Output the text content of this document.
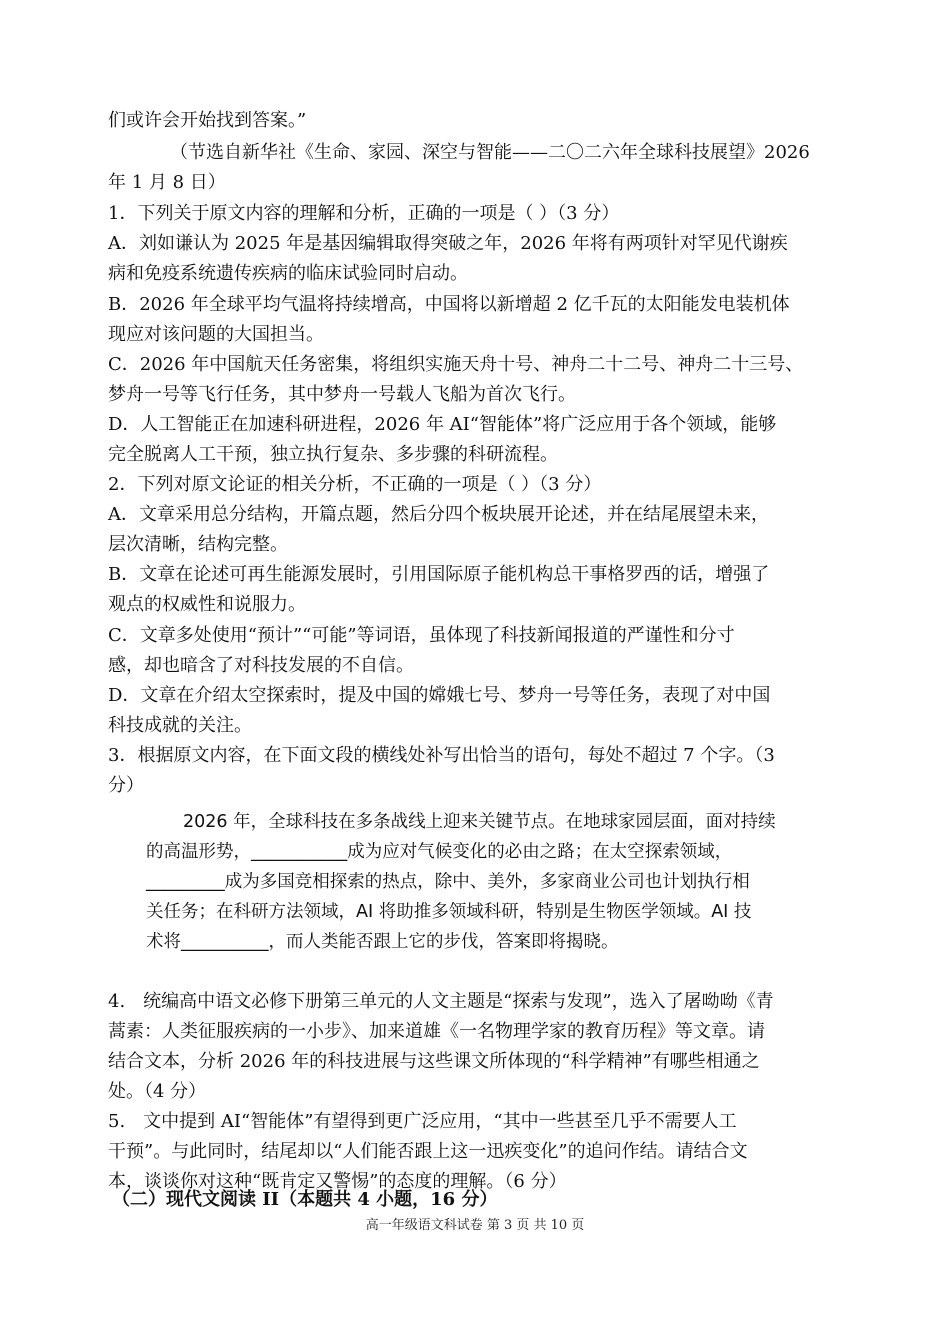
们或许会开始找到答案。”
（节选自新华社《生命、家园、深空与智能——二〇二六年全球科技展望》2026
年 1 月 8 日）
1．下列关于原文内容的理解和分析，正确的一项是（ ）（3 分）
A．刘如谦认为 2025 年是基因编辑取得突破之年，2026 年将有两项针对罕见代谢疾
病和免疫系统遗传疾病的临床试验同时启动。
B．2026 年全球平均气温将持续增高，中国将以新增超 2 亿千瓦的太阳能发电装机体
现应对该问题的大国担当。
C．2026 年中国航天任务密集，将组织实施天舟十号、神舟二十二号、神舟二十三号、
梦舟一号等飞行任务，其中梦舟一号载人飞船为首次飞行。
D．人工智能正在加速科研进程，2026 年 AI“智能体”将广泛应用于各个领域，能够
完全脱离人工干预，独立执行复杂、多步骤的科研流程。
2．下列对原文论证的相关分析，不正确的一项是（ ）（3 分）
A．文章采用总分结构，开篇点题，然后分四个板块展开论述，并在结尾展望未来，
层次清晰，结构完整。
B．文章在论述可再生能源发展时，引用国际原子能机构总干事格罗西的话，增强了
观点的权威性和说服力。
C．文章多处使用“预计”“可能”等词语，虽体现了科技新闻报道的严谨性和分寸
感，却也暗含了对科技发展的不自信。
D．文章在介绍太空探索时，提及中国的嫦娥七号、梦舟一号等任务，表现了对中国
科技成就的关注。
3．根据原文内容，在下面文段的横线处补写出恰当的语句，每处不超过 7 个字。（3
分）
2026 年，全球科技在多条战线上迎来关键节点。在地球家园层面，面对持续
的高温形势，___________成为应对气候变化的必由之路；在太空探索领域，
_________成为多国竞相探索的热点，除中、美外，多家商业公司也计划执行相
关任务；在科研方法领域，AI 将助推多领域科研，特别是生物医学领域。AI 技
术将__________，而人类能否跟上它的步伐，答案即将揭晓。
4.　统编高中语文必修下册第三单元的人文主题是“探索与发现”，选入了屠呦呦《青
蒿素：人类征服疾病的一小步》、加来道雄《一名物理学家的教育历程》等文章。请
结合文本，分析 2026 年的科技进展与这些课文所体现的“科学精神”有哪些相通之
处。（4 分）
5.　文中提到 AI“智能体”有望得到更广泛应用，“其中一些甚至几乎不需要人工
干预”。与此同时，结尾却以“人们能否跟上这一迅疾变化”的追问作结。请结合文
本，谈谈你对这种“既肯定又警惕”的态度的理解。（6 分）
（二）现代文阅读 II（本题共 4 小题，16 分）
高一年级语文科试卷 第 3 页 共 10 页
